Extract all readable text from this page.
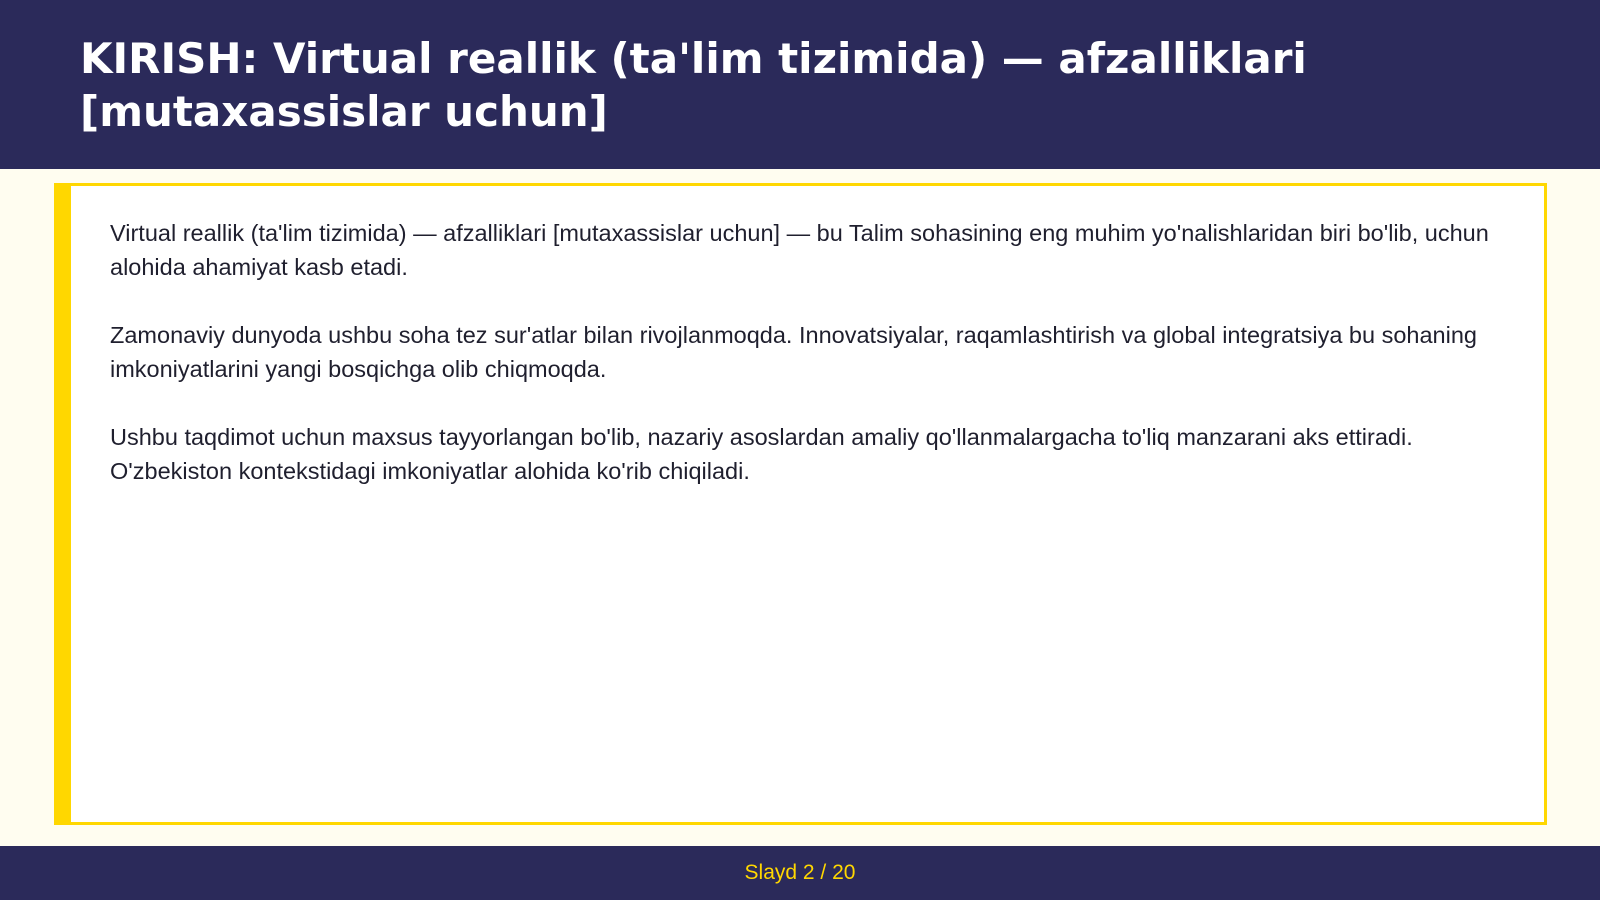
KIRISH: Virtual reallik (ta'lim tizimida) — afzalliklari [mutaxassislar uchun]

Virtual reallik (ta'lim tizimida) — afzalliklari [mutaxassislar uchun] — bu Talim sohasining eng muhim yo'nalishlaridan biri bo'lib, uchun alohida ahamiyat kasb etadi.

Zamonaviy dunyoda ushbu soha tez sur'atlar bilan rivojlanmoqda. Innovatsiyalar, raqamlashtirish va global integratsiya bu sohaning imkoniyatlarini yangi bosqichga olib chiqmoqda.

Ushbu taqdimot uchun maxsus tayyorlangan bo'lib, nazariy asoslardan amaliy qo'llanmalargacha to'liq manzarani aks ettiradi. O'zbekiston kontekstidagi imkoniyatlar alohida ko'rib chiqiladi.

Slayd 2 / 20
